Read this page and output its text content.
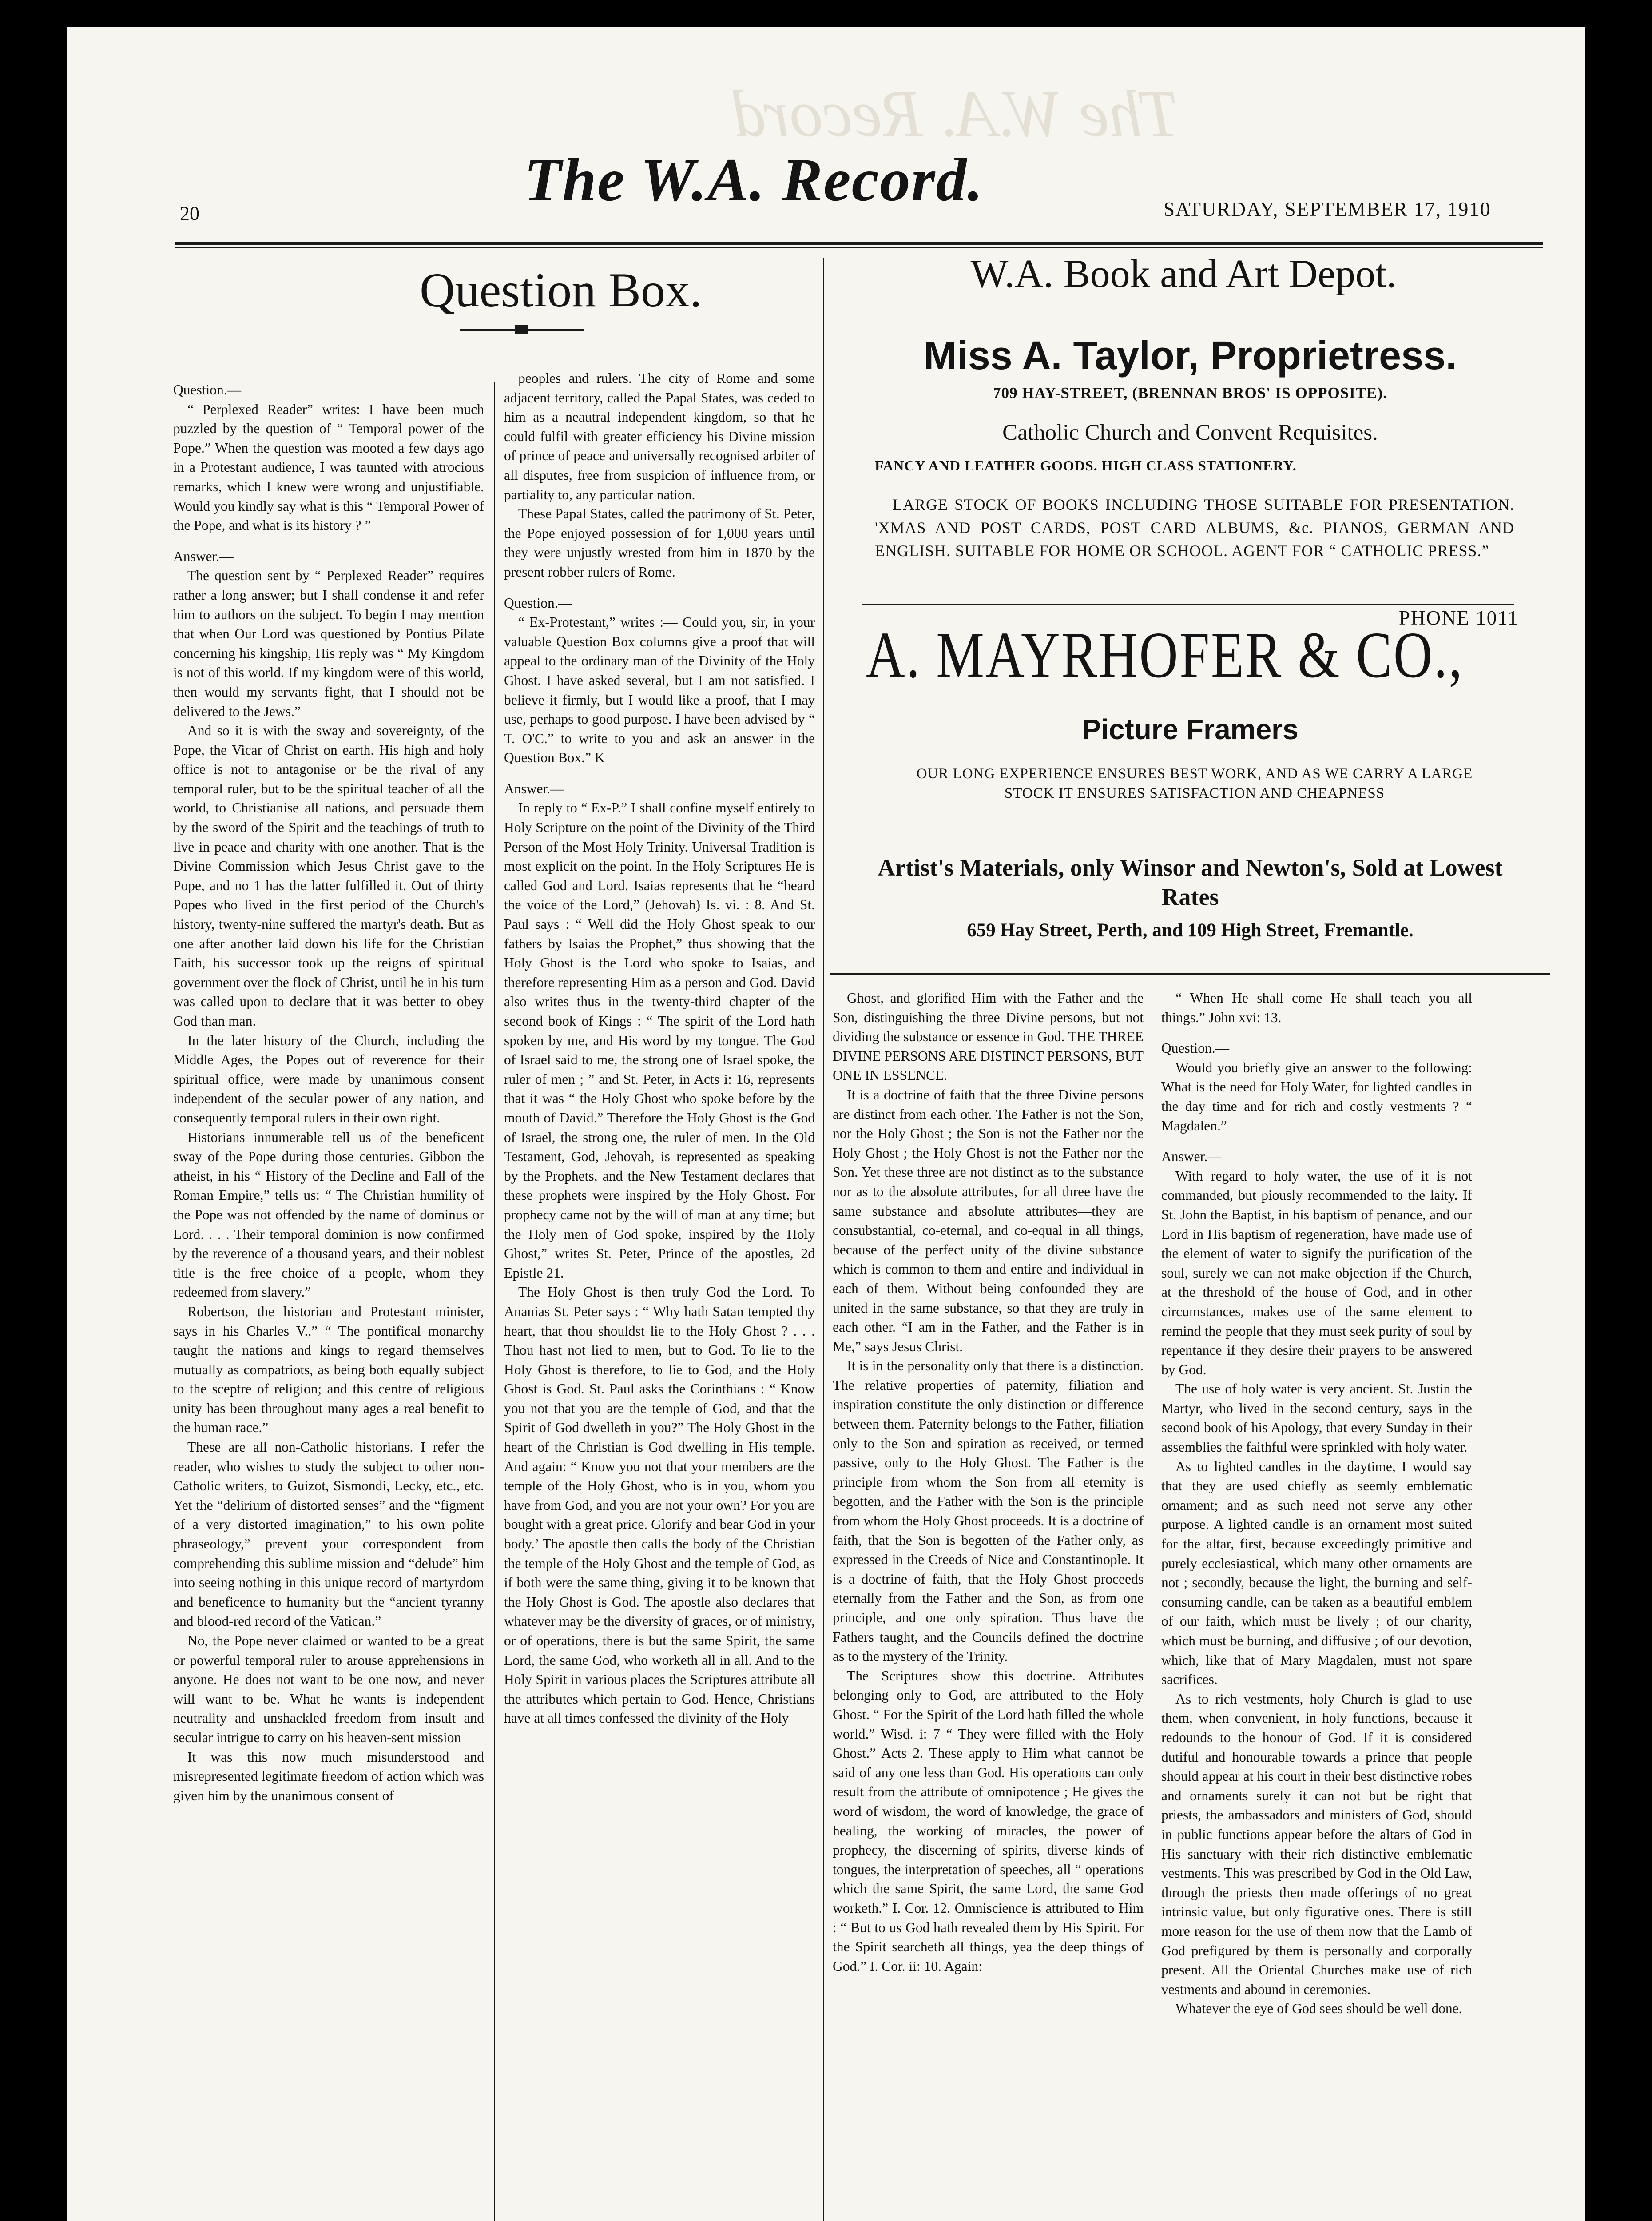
The W.A. Record
20	The W.A. Record.	SATURDAY, SEPTEMBER 17, 1910
Question Box.

Question.—

“ Perplexed Reader” writes: I have been much puzzled by the question of “ Temporal power of the Pope.” When the question was mooted a few days ago in a Protestant audience, I was taunted with atrocious remarks, which I knew were wrong and unjustifiable. Would you kindly say what is this “ Temporal Power of the Pope, and what is its history ? ”

Answer.—

The question sent by “ Perplexed Reader” requires rather a long answer; but I shall condense it and refer him to authors on the subject. To begin I may mention that when Our Lord was questioned by Pontius Pilate concerning his kingship, His reply was “ My Kingdom is not of this world. If my kingdom were of this world, then would my servants fight, that I should not be delivered to the Jews.”

And so it is with the sway and sovereignty, of the Pope, the Vicar of Christ on earth. His high and holy office is not to antagonise or be the rival of any temporal ruler, but to be the spiritual teacher of all the world, to Christianise all nations, and persuade them by the sword of the Spirit and the teachings of truth to live in peace and charity with one another. That is the Divine Commission which Jesus Christ gave to the Pope, and no 1 has the latter fulfilled it. Out of thirty Popes who lived in the first period of the Church's history, twenty-nine suffered the martyr's death. But as one after another laid down his life for the Christian Faith, his successor took up the reigns of spiritual government over the flock of Christ, until he in his turn was called upon to declare that it was better to obey God than man.

In the later history of the Church, including the Middle Ages, the Popes out of reverence for their spiritual office, were made by unanimous consent independent of the secular power of any nation, and consequently temporal rulers in their own right.

Historians innumerable tell us of the beneficent sway of the Pope during those centuries. Gibbon the atheist, in his “ History of the Decline and Fall of the Roman Empire,” tells us: “ The Christian humility of the Pope was not offended by the name of dominus or Lord. . . . Their temporal dominion is now confirmed by the reverence of a thousand years, and their noblest title is the free choice of a people, whom they redeemed from slavery.”

Robertson, the historian and Protestant minister, says in his Charles V.,” “ The pontifical monarchy taught the nations and kings to regard themselves mutually as compatriots, as being both equally subject to the sceptre of religion; and this centre of religious unity has been throughout many ages a real benefit to the human race.”

These are all non-Catholic historians. I refer the reader, who wishes to study the subject to other non-Catholic writers, to Guizot, Sismondi, Lecky, etc., etc. Yet the “delirium of distorted senses” and the “figment of a very distorted imagination,” to his own polite phraseology,” prevent your correspondent from comprehending this sublime mission and “delude” him into seeing nothing in this unique record of martyrdom and beneficence to humanity but the “ancient tyranny and blood-red record of the Vatican.”

No, the Pope never claimed or wanted to be a great or powerful temporal ruler to arouse apprehensions in anyone. He does not want to be one now, and never will want to be. What he wants is independent neutrality and unshackled freedom from insult and secular intrigue to carry on his heaven-sent mission

It was this now much misunderstood and misrepresented legitimate freedom of action which was given him by the unanimous consent of

peoples and rulers. The city of Rome and some adjacent territory, called the Papal States, was ceded to him as a neautral independent kingdom, so that he could fulfil with greater efficiency his Divine mission of prince of peace and universally recognised arbiter of all disputes, free from suspicion of influence from, or partiality to, any particular nation.

These Papal States, called the patrimony of St. Peter, the Pope enjoyed possession of for 1,000 years until they were unjustly wrested from him in 1870 by the present robber rulers of Rome.

Question.—

“ Ex-Protestant,” writes :— Could you, sir, in your valuable Question Box columns give a proof that will appeal to the ordinary man of the Divinity of the Holy Ghost. I have asked several, but I am not satisfied. I believe it firmly, but I would like a proof, that I may use, perhaps to good purpose. I have been advised by “ T. O'C.” to write to you and ask an answer in the Question Box.” K

Answer.—

In reply to “ Ex-P.” I shall confine myself entirely to Holy Scripture on the point of the Divinity of the Third Person of the Most Holy Trinity. Universal Tradition is most explicit on the point. In the Holy Scriptures He is called God and Lord. Isaias represents that he “heard the voice of the Lord,” (Jehovah) Is. vi. : 8. And St. Paul says : “ Well did the Holy Ghost speak to our fathers by Isaias the Prophet,” thus showing that the Holy Ghost is the Lord who spoke to Isaias, and therefore representing Him as a person and God. David also writes thus in the twenty-third chapter of the second book of Kings : “ The spirit of the Lord hath spoken by me, and His word by my tongue. The God of Israel said to me, the strong one of Israel spoke, the ruler of men ; ” and St. Peter, in Acts i: 16, represents that it was “ the Holy Ghost who spoke before by the mouth of David.” Therefore the Holy Ghost is the God of Israel, the strong one, the ruler of men. In the Old Testament, God, Jehovah, is represented as speaking by the Prophets, and the New Testament declares that these prophets were inspired by the Holy Ghost. For prophecy came not by the will of man at any time; but the Holy men of God spoke, inspired by the Holy Ghost,” writes St. Peter, Prince of the apostles, 2d Epistle 21.

The Holy Ghost is then truly God the Lord. To Ananias St. Peter says : “ Why hath Satan tempted thy heart, that thou shouldst lie to the Holy Ghost ? . . . Thou hast not lied to men, but to God. To lie to the Holy Ghost is therefore, to lie to God, and the Holy Ghost is God. St. Paul asks the Corinthians : “ Know you not that you are the temple of God, and that the Spirit of God dwelleth in you?” The Holy Ghost in the heart of the Christian is God dwelling in His temple. And again: “ Know you not that your members are the temple of the Holy Ghost, who is in you, whom you have from God, and you are not your own? For you are bought with a great price. Glorify and bear God in your body.’ The apostle then calls the body of the Christian the temple of the Holy Ghost and the temple of God, as if both were the same thing, giving it to be known that the Holy Ghost is God. The apostle also declares that whatever may be the diversity of graces, or of ministry, or of operations, there is but the same Spirit, the same Lord, the same God, who worketh all in all. And to the Holy Spirit in various places the Scriptures attribute all the attributes which pertain to God. Hence, Christians have at all times confessed the divinity of the Holy

W.A. Book and Art Depot.
Miss A. Taylor, Proprietress.
709 HAY-STREET, (BRENNAN BROS' IS OPPOSITE).
Catholic Church and Convent Requisites.
FANCY AND LEATHER GOODS. HIGH CLASS STATIONERY.
LARGE STOCK OF BOOKS INCLUDING THOSE SUITABLE FOR PRESENTATION. 'XMAS AND POST CARDS, POST CARD ALBUMS, &c. PIANOS, GERMAN AND ENGLISH. SUITABLE FOR HOME OR SCHOOL. AGENT FOR “ CATHOLIC PRESS.”
PHONE 1011
A. MAYRHOFER & CO.,
Picture Framers
OUR LONG EXPERIENCE ENSURES BEST WORK, AND AS WE CARRY A LARGE STOCK IT ENSURES SATISFACTION AND CHEAPNESS
Artist's Materials, only Winsor and Newton's, Sold at Lowest Rates
659 Hay Street, Perth, and 109 High Street, Fremantle.

Ghost, and glorified Him with the Father and the Son, distinguishing the three Divine persons, but not dividing the substance or essence in God. THE THREE DIVINE PERSONS ARE DISTINCT PERSONS, BUT ONE IN ESSENCE.

It is a doctrine of faith that the three Divine persons are distinct from each other. The Father is not the Son, nor the Holy Ghost ; the Son is not the Father nor the Holy Ghost ; the Holy Ghost is not the Father nor the Son. Yet these three are not distinct as to the substance nor as to the absolute attributes, for all three have the same substance and absolute attributes—they are consubstantial, co-eternal, and co-equal in all things, because of the perfect unity of the divine substance which is common to them and entire and individual in each of them. Without being confounded they are united in the same substance, so that they are truly in each other. “I am in the Father, and the Father is in Me,” says Jesus Christ.

It is in the personality only that there is a distinction. The relative properties of paternity, filiation and inspiration constitute the only distinction or difference between them. Paternity belongs to the Father, filiation only to the Son and spiration as received, or termed passive, only to the Holy Ghost. The Father is the principle from whom the Son from all eternity is begotten, and the Father with the Son is the principle from whom the Holy Ghost proceeds. It is a doctrine of faith, that the Son is begotten of the Father only, as expressed in the Creeds of Nice and Constantinople. It is a doctrine of faith, that the Holy Ghost proceeds eternally from the Father and the Son, as from one principle, and one only spiration. Thus have the Fathers taught, and the Councils defined the doctrine as to the mystery of the Trinity.

The Scriptures show this doctrine. Attributes belonging only to God, are attributed to the Holy Ghost. “ For the Spirit of the Lord hath filled the whole world.” Wisd. i: 7 “ They were filled with the Holy Ghost.” Acts 2. These apply to Him what cannot be said of any one less than God. His operations can only result from the attribute of omnipotence ; He gives the word of wisdom, the word of knowledge, the grace of healing, the working of miracles, the power of prophecy, the discerning of spirits, diverse kinds of tongues, the interpretation of speeches, all “ operations which the same Spirit, the same Lord, the same God worketh.” I. Cor. 12. Omniscience is attributed to Him : “ But to us God hath revealed them by His Spirit. For the Spirit searcheth all things, yea the deep things of God.” I. Cor. ii: 10. Again:

“ When He shall come He shall teach you all things.” John xvi: 13.

Question.—

Would you briefly give an answer to the following: What is the need for Holy Water, for lighted candles in the day time and for rich and costly vestments ? “ Magdalen.”

Answer.—

With regard to holy water, the use of it is not commanded, but piously recommended to the laity. If St. John the Baptist, in his baptism of penance, and our Lord in His baptism of regeneration, have made use of the element of water to signify the purification of the soul, surely we can not make objection if the Church, at the threshold of the house of God, and in other circumstances, makes use of the same element to remind the people that they must seek purity of soul by repentance if they desire their prayers to be answered by God.

The use of holy water is very ancient. St. Justin the Martyr, who lived in the second century, says in the second book of his Apology, that every Sunday in their assemblies the faithful were sprinkled with holy water.

As to lighted candles in the daytime, I would say that they are used chiefly as seemly emblematic ornament; and as such need not serve any other purpose. A lighted candle is an ornament most suited for the altar, first, because exceedingly primitive and purely ecclesiastical, which many other ornaments are not ; secondly, because the light, the burning and self-consuming candle, can be taken as a beautiful emblem of our faith, which must be lively ; of our charity, which must be burning, and diffusive ; of our devotion, which, like that of Mary Magdalen, must not spare sacrifices.

As to rich vestments, holy Church is glad to use them, when convenient, in holy functions, because it redounds to the honour of God. If it is considered dutiful and honourable towards a prince that people should appear at his court in their best distinctive robes and ornaments surely it can not but be right that priests, the ambassadors and ministers of God, should in public functions appear before the altars of God in His sanctuary with their rich distinctive emblematic vestments. This was prescribed by God in the Old Law, through the priests then made offerings of no great intrinsic value, but only figurative ones. There is still more reason for the use of them now that the Lamb of God prefigured by them is personally and corporally present. All the Oriental Churches make use of rich vestments and abound in ceremonies.

Whatever the eye of God sees should be well done.
